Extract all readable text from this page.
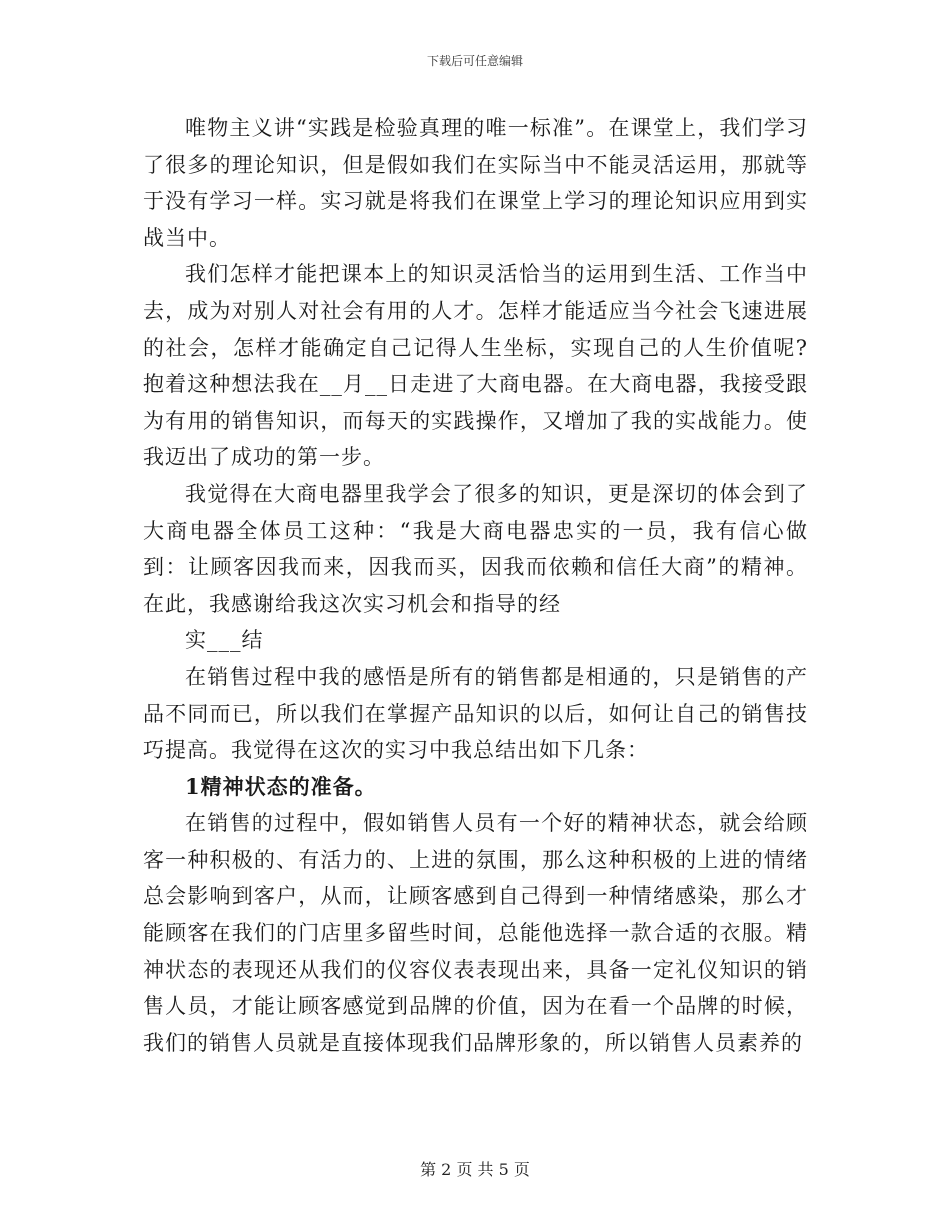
下载后可任意编辑

唯物主义讲“实践是检验真理的唯一标准”。在课堂上，我们学习了很多的理论知识，但是假如我们在实际当中不能灵活运用，那就等于没有学习一样。实习就是将我们在课堂上学习的理论知识应用到实战当中。

我们怎样才能把课本上的知识灵活恰当的运用到生活、工作当中去，成为对别人对社会有用的人才。怎样才能适应当今社会飞速进展的社会，怎样才能确定自己记得人生坐标，实现自己的人生价值呢?抱着这种想法我在__月__日走进了大商电器。在大商电器，我接受跟为有用的销售知识，而每天的实践操作，又增加了我的实战能力。使我迈出了成功的第一步。

我觉得在大商电器里我学会了很多的知识，更是深切的体会到了大商电器全体员工这种：“我是大商电器忠实的一员，我有信心做到：让顾客因我而来，因我而买，因我而依赖和信任大商”的精神。在此，我感谢给我这次实习机会和指导的经

实___结

在销售过程中我的感悟是所有的销售都是相通的，只是销售的产品不同而已，所以我们在掌握产品知识的以后，如何让自己的销售技巧提高。我觉得在这次的实习中我总结出如下几条：

1精神状态的准备。

在销售的过程中，假如销售人员有一个好的精神状态，就会给顾客一种积极的、有活力的、上进的氛围，那么这种积极的上进的情绪总会影响到客户，从而，让顾客感到自己得到一种情绪感染，那么才能顾客在我们的门店里多留些时间，总能他选择一款合适的衣服。精神状态的表现还从我们的仪容仪表表现出来，具备一定礼仪知识的销售人员，才能让顾客感觉到品牌的价值，因为在看一个品牌的时候，我们的销售人员就是直接体现我们品牌形象的，所以销售人员素养的

第 2 页 共 5 页
